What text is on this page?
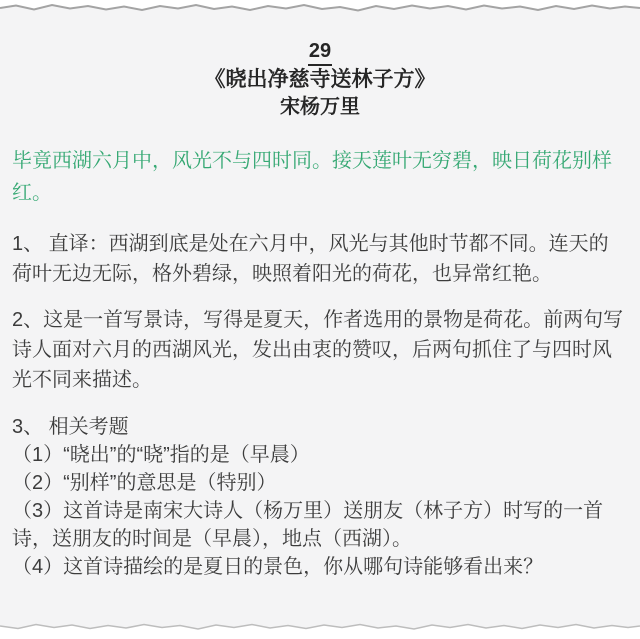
29
《晓出净慈寺送林子方》
宋杨万里

毕竟西湖六月中，风光不与四时同。接天莲叶无穷碧，映日荷花别样红。

1、 直译：西湖到底是处在六月中，风光与其他时节都不同。连天的荷叶无边无际，格外碧绿，映照着阳光的荷花，也异常红艳。

2、这是一首写景诗，写得是夏天，作者选用的景物是荷花。前两句写诗人面对六月的西湖风光，发出由衷的赞叹，后两句抓住了与四时风光不同来描述。

3、 相关考题
（1）“晓出”的“晓”指的是（早晨）
（2）“别样”的意思是（特别）
（3）这首诗是南宋大诗人（杨万里）送朋友（林子方）时写的一首诗，送朋友的时间是（早晨），地点（西湖）。
（4）这首诗描绘的是夏日的景色，你从哪句诗能够看出来？
